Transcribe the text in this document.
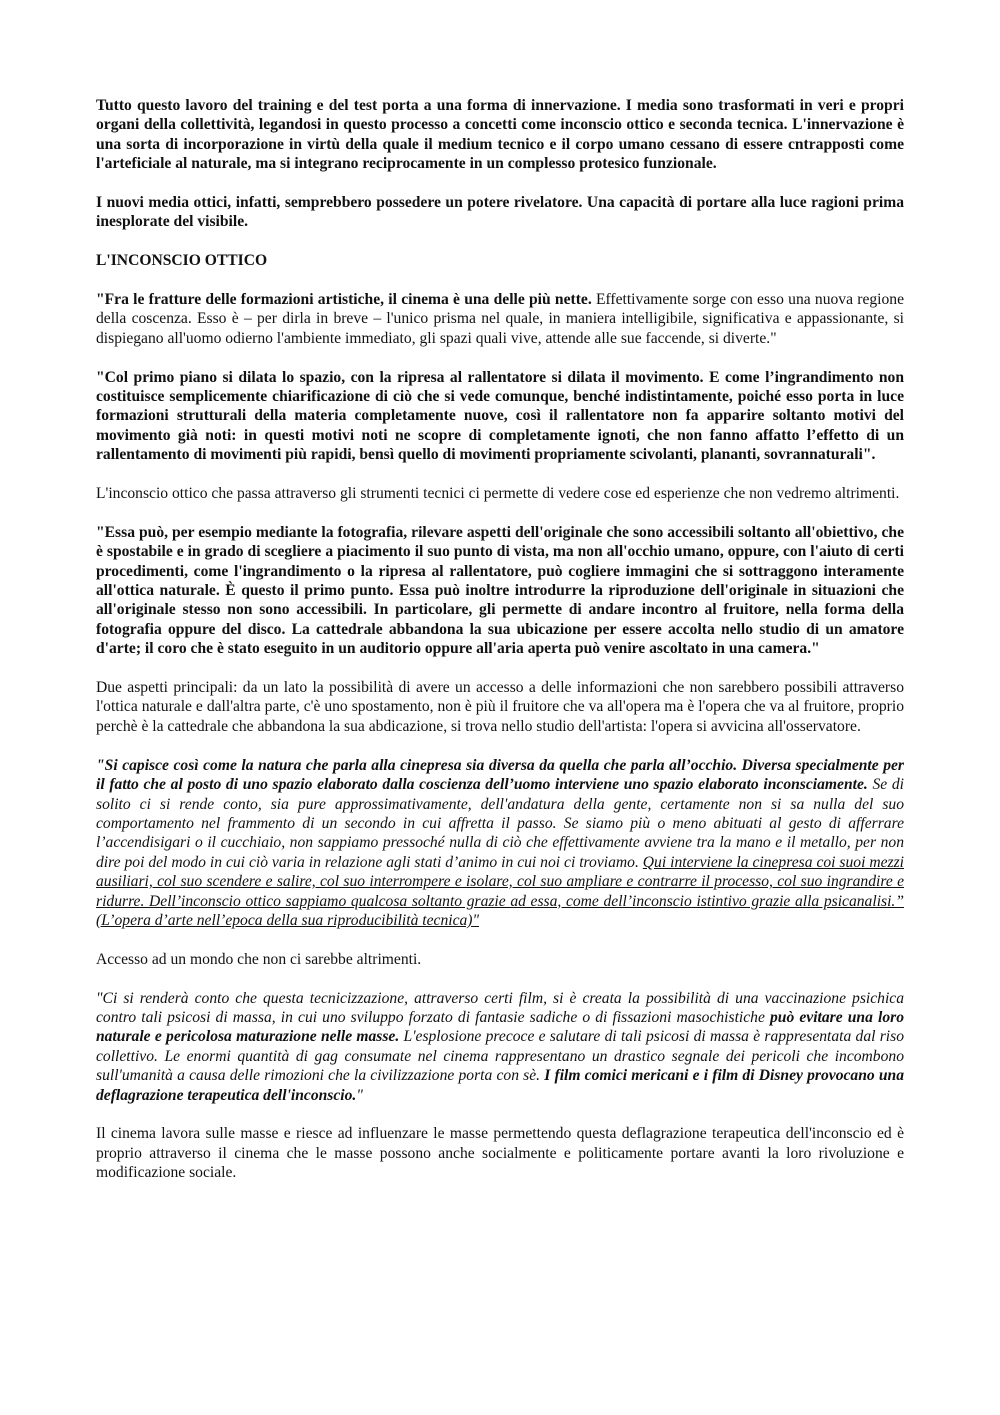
Tutto questo lavoro del training e del test porta a una forma di innervazione. I media sono trasformati in veri e propri organi della collettività, legandosi in questo processo a concetti come inconscio ottico e seconda tecnica. L'innervazione è una sorta di incorporazione in virtù della quale il medium tecnico e il corpo umano cessano di essere cntrapposti come l'arteficiale al naturale, ma si integrano reciprocamente in un complesso protesico funzionale.

I nuovi media ottici, infatti, semprebbero possedere un potere rivelatore. Una capacità di portare alla luce ragioni prima inesplorate del visibile.

L'INCONSCIO OTTICO

"Fra le fratture delle formazioni artistiche, il cinema è una delle più nette. Effettivamente sorge con esso una nuova regione della coscenza. Esso è – per dirla in breve – l'unico prisma nel quale, in maniera intelligibile, significativa e appassionante, si dispiegano all'uomo odierno l'ambiente immediato, gli spazi quali vive, attende alle sue faccende, si diverte."

"Col primo piano si dilata lo spazio, con la ripresa al rallentatore si dilata il movimento. E come l’ingrandimento non costituisce semplicemente chiarificazione di ciò che si vede comunque, benché indistintamente, poiché esso porta in luce formazioni strutturali della materia completamente nuove, così il rallentatore non fa apparire soltanto motivi del movimento già noti: in questi motivi noti ne scopre di completamente ignoti, che non fanno affatto l’effetto di un rallentamento di movimenti più rapidi, bensì quello di movimenti propriamente scivolanti, plananti, sovrannaturali".

L'inconscio ottico che passa attraverso gli strumenti tecnici ci permette di vedere cose ed esperienze che non vedremo altrimenti.

"Essa può, per esempio mediante la fotografia, rilevare aspetti dell'originale che sono accessibili soltanto all'obiettivo, che è spostabile e in grado di scegliere a piacimento il suo punto di vista, ma non all'occhio umano, oppure, con l'aiuto di certi procedimenti, come l'ingrandimento o la ripresa al rallentatore, può cogliere immagini che si sottraggono interamente all'ottica naturale. È questo il primo punto. Essa può inoltre introdurre la riproduzione dell'originale in situazioni che all'originale stesso non sono accessibili. In particolare, gli permette di andare incontro al fruitore, nella forma della fotografia oppure del disco. La cattedrale abbandona la sua ubicazione per essere accolta nello studio di un amatore d'arte; il coro che è stato eseguito in un auditorio oppure all'aria aperta può venire ascoltato in una camera."

Due aspetti principali: da un lato la possibilità di avere un accesso a delle informazioni che non sarebbero possibili attraverso l'ottica naturale e dall'altra parte, c'è uno spostamento, non è più il fruitore che va all'opera ma è l'opera che va al fruitore, proprio perchè è la cattedrale che abbandona la sua abdicazione, si trova nello studio dell'artista: l'opera si avvicina all'osservatore.

"Si capisce così come la natura che parla alla cinepresa sia diversa da quella che parla all’occhio. Diversa specialmente per il fatto che al posto di uno spazio elaborato dalla coscienza dell’uomo interviene uno spazio elaborato inconsciamente. Se di solito ci si rende conto, sia pure approssimativamente, dell'andatura della gente, certamente non si sa nulla del suo comportamento nel frammento di un secondo in cui affretta il passo. Se siamo più o meno abituati al gesto di afferrare l’accendisigari o il cucchiaio, non sappiamo pressoché nulla di ciò che effettivamente avviene tra la mano e il metallo, per non dire poi del modo in cui ciò varia in relazione agli stati d’animo in cui noi ci troviamo. Qui interviene la cinepresa coi suoi mezzi ausiliari, col suo scendere e salire, col suo interrompere e isolare, col suo ampliare e contrarre il processo, col suo ingrandire e ridurre. Dell’inconscio ottico sappiamo qualcosa soltanto grazie ad essa, come dell’inconscio istintivo grazie alla psicanalisi.” (L’opera d’arte nell’epoca della sua riproducibilità tecnica)"

Accesso ad un mondo che non ci sarebbe altrimenti.

"Ci si renderà conto che questa tecnicizzazione, attraverso certi film, si è creata la possibilità di una vaccinazione psichica contro tali psicosi di massa, in cui uno sviluppo forzato di fantasie sadiche o di fissazioni masochistiche può evitare una loro naturale e pericolosa maturazione nelle masse. L'esplosione precoce e salutare di tali psicosi di massa è rappresentata dal riso collettivo. Le enormi quantità di gag consumate nel cinema rappresentano un drastico segnale dei pericoli che incombono sull'umanità a causa delle rimozioni che la civilizzazione porta con sè. I film comici mericani e i film di Disney provocano una deflagrazione terapeutica dell'inconscio."

Il cinema lavora sulle masse e riesce ad influenzare le masse permettendo questa deflagrazione terapeutica dell'inconscio ed è proprio attraverso il cinema che le masse possono anche socialmente e politicamente portare avanti la loro rivoluzione e modificazione sociale.
